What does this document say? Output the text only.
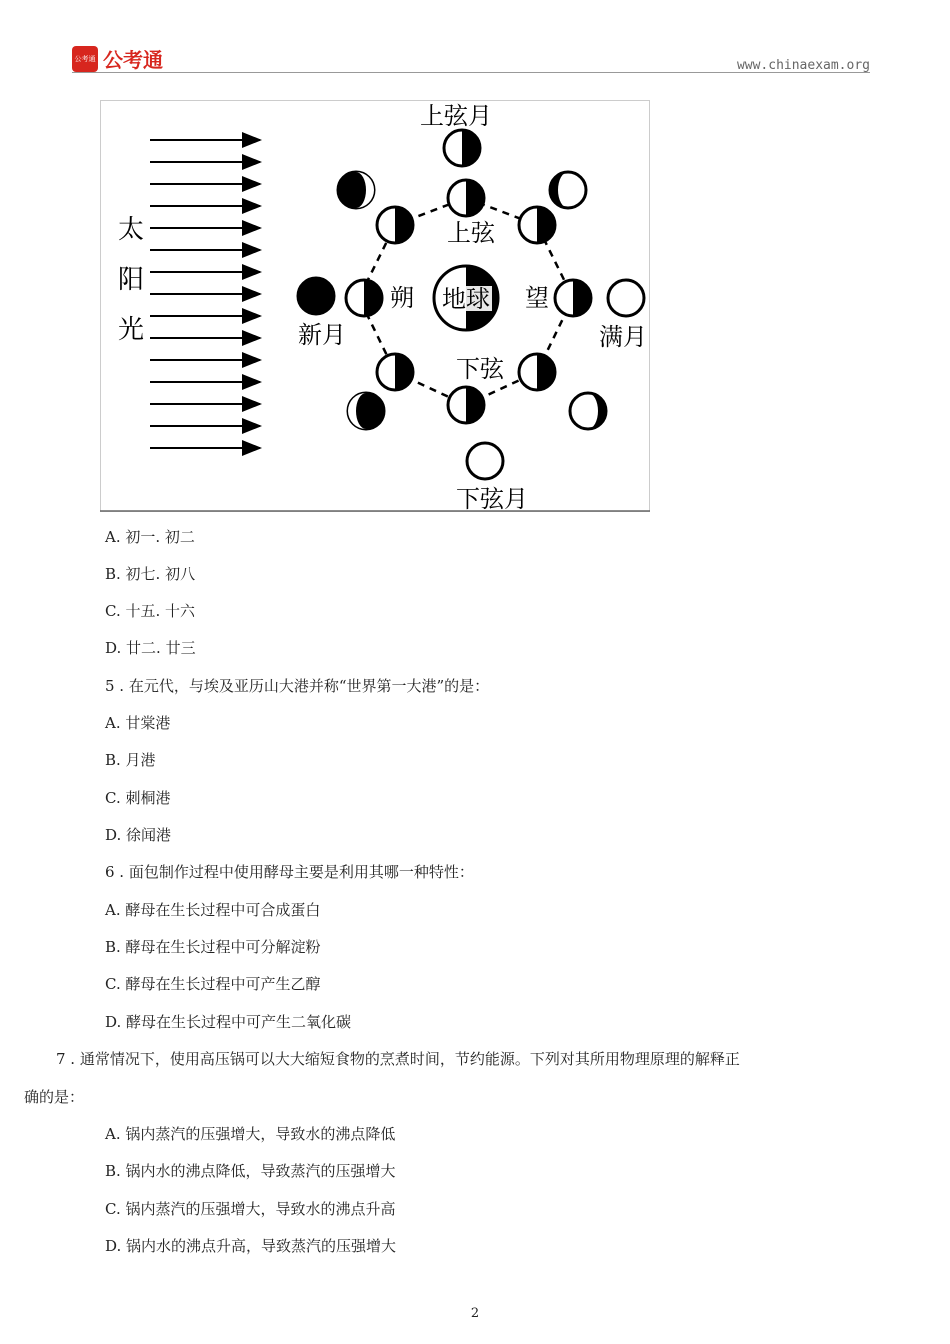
公考通 公考通	www.chinaexam.org
太
阳
光
地球
上弦月
上弦
新月
朔	望
满月
下弦
下弦月
A. 初一. 初二
B. 初七. 初八
C. 十五. 十六
D. 廿二. 廿三
5 . 在元代，与埃及亚历山大港并称“世界第一大港”的是：
A. 甘棠港
B. 月港
C. 刺桐港
D. 徐闻港
6 . 面包制作过程中使用酵母主要是利用其哪一种特性：
A. 酵母在生长过程中可合成蛋白
B. 酵母在生长过程中可分解淀粉
C. 酵母在生长过程中可产生乙醇
D. 酵母在生长过程中可产生二氧化碳
7 . 通常情况下，使用高压锅可以大大缩短食物的烹煮时间，节约能源。下列对其所用物理原理的解释正
确的是：
A. 锅内蒸汽的压强增大，导致水的沸点降低
B. 锅内水的沸点降低，导致蒸汽的压强增大
C. 锅内蒸汽的压强增大，导致水的沸点升高
D. 锅内水的沸点升高，导致蒸汽的压强增大
2
